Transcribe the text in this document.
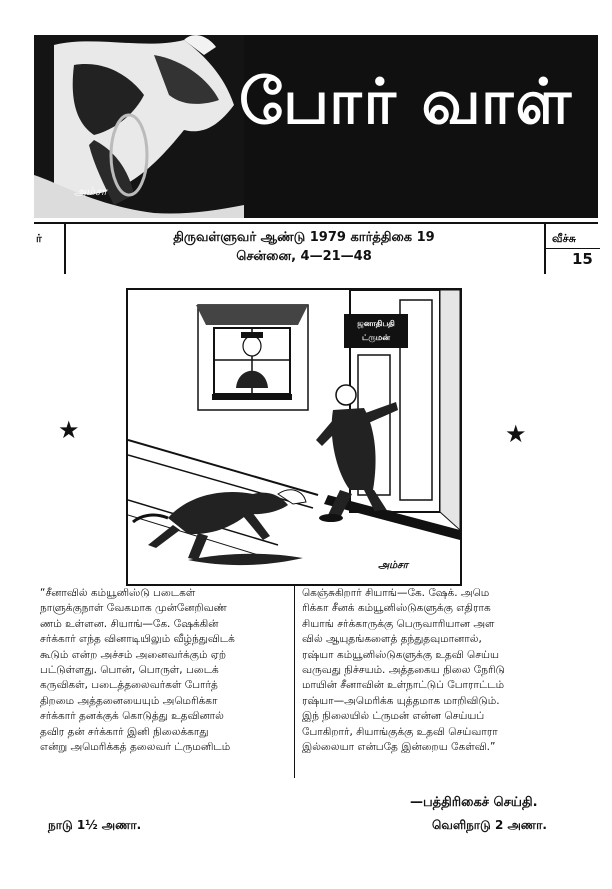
போர் வாள்
அம்சா
ர்	திருவள்ளுவர் ஆண்டு 1979 கார்த்திகை 19
சென்னை, 4—21—48
வீச்சு
15
★	★
ஜனாதிபதி
ட்ருமன்
அம்சா

“சீனாவில் கம்யூனிஸ்டு படைகள்

நாளுக்குநாள் வேகமாக முன்னேறிவண்

ணம் உள்ளன. சியாங்—கே. ஷேக்கின்

சர்க்கார் எந்த வினாடியிலும் வீழ்ந்துவிடக்

கூடும் என்ற அச்சம் அனைவர்க்கும் ஏற்

பட்டுள்ளது. பொன், பொருள், படைக்

கருவிகள், படைத்தலைவர்கள் போர்த்

திறமை அத்தனையையும் அமெரிக்கா

சர்க்கார் தனக்குக் கொடுத்து உதவினால்

தவிர தன் சர்க்கார் இனி நிலைக்காது

என்று அமெரிக்கத் தலைவர் ட்ருமனிடம்

கெஞ்சுகிறார் சியாங்—கே. ஷேக். அமெ

ரிக்கா சீனக் கம்யூனிஸ்டுகளுக்கு எதிராக

சியாங் சர்க்காருக்கு பெருவாரியான அள

வில் ஆயுதங்களைத் தந்துதவுமானால்,

ரஷ்யா கம்யூனிஸ்டுகளுக்கு உதவி செய்ய

வருவது நிச்சயம். அத்தகைய நிலை நேரிடு

மாயின் சீனாவின் உள்நாட்டுப் போராட்டம்

ரஷ்யா—அமெரிக்க யுத்தமாக மாறிவிடும்.

இந் நிலையில் ட்ருமன் என்ன செய்யப்

போகிறார், சியாங்குக்கு உதவி செய்வாரா

இல்லையா என்பதே இன்றைய கேள்வி.”

—பத்திரிகைச் செய்தி.
நாடு 1½ அணா.	வெளிநாடு 2 அணா.
